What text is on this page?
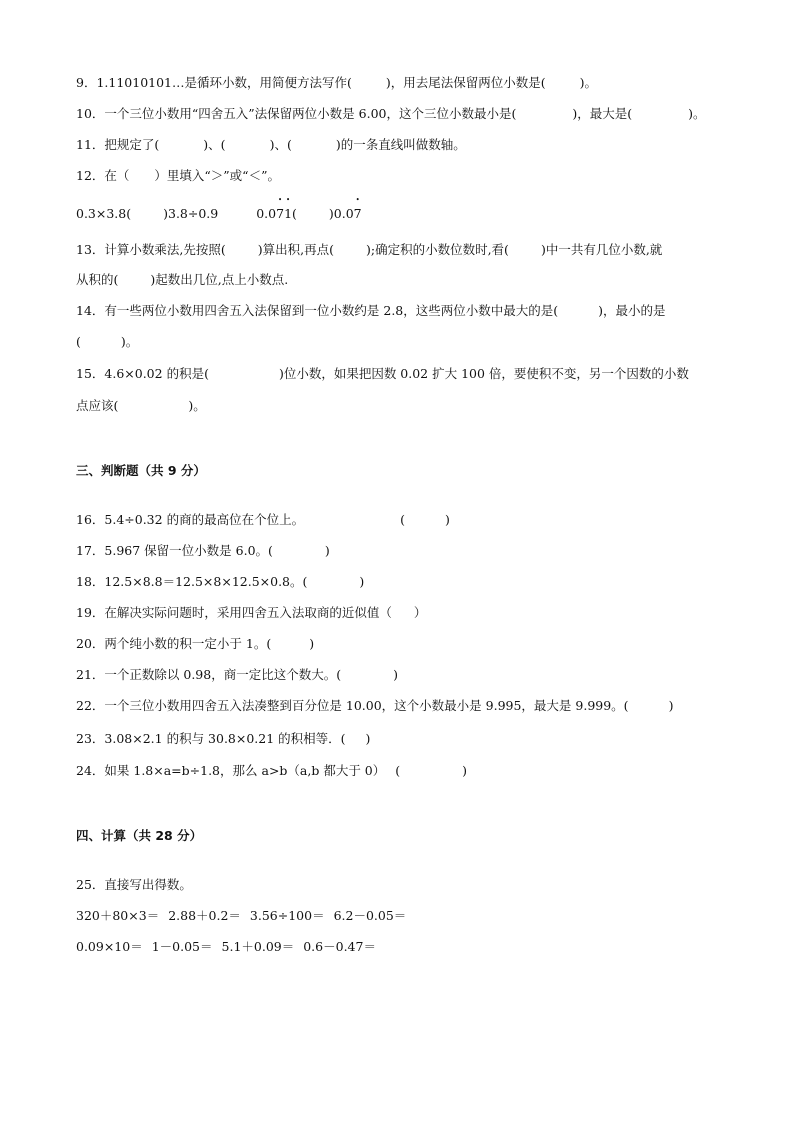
9．1.11010101…是循环小数，用简便方法写作(	)，用去尾法保留两位小数是(	)。
10．一个三位小数用“四舍五入”法保留两位小数是 6.00，这个三位小数最小是(	)，最大是(	)。
11．把规定了(	)、(	)、(	)的一条直线叫做数轴。
12．在（　　）里填入“＞”或“＜”。
0.3×3.8(	)3.8÷0.9	0.0• 7• 1(	)0.0• 7
13．计算小数乘法,先按照(	)算出积,再点(	);确定积的小数位数时,看(	)中一共有几位小数,就
从积的(	)起数出几位,点上小数点.
14．有一些两位小数用四舍五入法保留到一位小数约是 2.8，这些两位小数中最大的是(	)，最小的是
(	)。
15．4.6×0.02 的积是(	)位小数，如果把因数 0.02 扩大 100 倍，要使积不变，另一个因数的小数
点应该(	)。
三、判断题（共 9 分）
16．5.4÷0.32 的商的最高位在个位上。	(	)
17．5.967 保留一位小数是 6.0。(	)
18．12.5×8.8＝12.5×8×12.5×0.8。(	)
19．在解决实际问题时，采用四舍五入法取商的近似值（ ）
20．两个纯小数的积一定小于 1。(	)
21．一个正数除以 0.98，商一定比这个数大。(	)
22．一个三位小数用四舍五入法凑整到百分位是 10.00，这个小数最小是 9.995，最大是 9.999。(	)
23．3.08×2.1 的积与 30.8×0.21 的积相等．( )
24．如果 1.8×a=b÷1.8，那么 a>b（a,b 都大于 0） (	)
四、计算（共 28 分）
25．直接写出得数。
320＋80×3＝ 2.88＋0.2＝ 3.56÷100＝ 6.2－0.05＝
0.09×10＝ 1－0.05＝ 5.1＋0.09＝ 0.6－0.47＝
